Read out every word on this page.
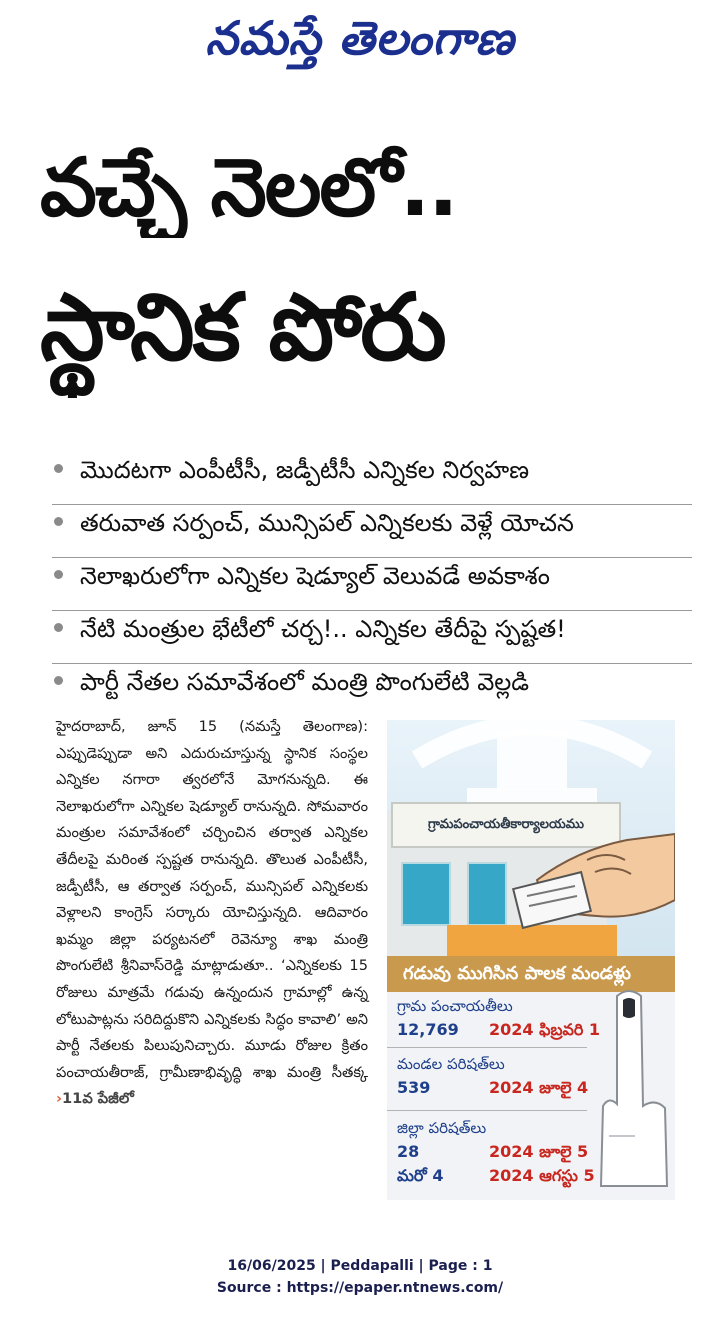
నమస్తే తెలంగాణ
వచ్చే నెలలో..
స్థానిక పోరు
మొదటగా ఎంపీటీసీ, జడ్పీటీసీ ఎన్నికల నిర్వహణ
తరువాత సర్పంచ్, మున్సిపల్ ఎన్నికలకు వెళ్లే యోచన
నెలాఖరులోగా ఎన్నికల షెడ్యూల్ వెలువడే అవకాశం
నేటి మంత్రుల భేటీలో చర్చ!.. ఎన్నికల తేదీపై స్పష్టత!
పార్టీ నేతల సమావేశంలో మంత్రి పొంగులేటి వెల్లడి
హైదరాబాద్, జూన్ 15 (నమస్తే తెలంగాణ): ఎప్పుడెప్పుడా అని ఎదురుచూస్తున్న స్థానిక సంస్థల ఎన్నికల నగారా త్వరలోనే మోగనున్నది. ఈ నెలాఖరులోగా ఎన్నికల షెడ్యూల్ రానున్నది. సోమవారం మంత్రుల సమావేశంలో చర్చించిన తర్వాత ఎన్నికల తేదీలపై మరింత స్పష్టత రానున్నది. తొలుత ఎంపీటీసీ, జడ్పీటీసీ, ఆ తర్వాత సర్పంచ్, మున్సిపల్ ఎన్నికలకు వెళ్లాలని కాంగ్రెస్ సర్కారు యోచిస్తున్నది. ఆదివారం ఖమ్మం జిల్లా పర్యటనలో రెవెన్యూ శాఖ మంత్రి పొంగులేటి శ్రీనివాస్‌రెడ్డి మాట్లాడుతూ.. ‘ఎన్నికలకు 15 రోజులు మాత్రమే గడువు ఉన్నందున గ్రామాల్లో ఉన్న లోటుపాట్లను సరిదిద్దుకొని ఎన్నికలకు సిద్ధం కావాలి’ అని పార్టీ నేతలకు పిలుపునిచ్చారు. మూడు రోజుల క్రితం పంచాయతీరాజ్, గ్రామీణాభివృద్ధి శాఖ మంత్రి సీతక్క ›11వ పేజీలో
గ్రామపంచాయతీకార్యాలయము
గడువు ముగిసిన పాలక మండళ్లు
గ్రామ పంచాయతీలు
12,769 2024 ఫిబ్రవరి 1
మండల పరిషత్‌లు
539	2024 జూలై 4
జిల్లా పరిషత్‌లు
28	2024 జూలై 5
మరో 4	2024 ఆగస్టు 5
16/06/2025 | Peddapalli | Page : 1
Source : https://epaper.ntnews.com/
